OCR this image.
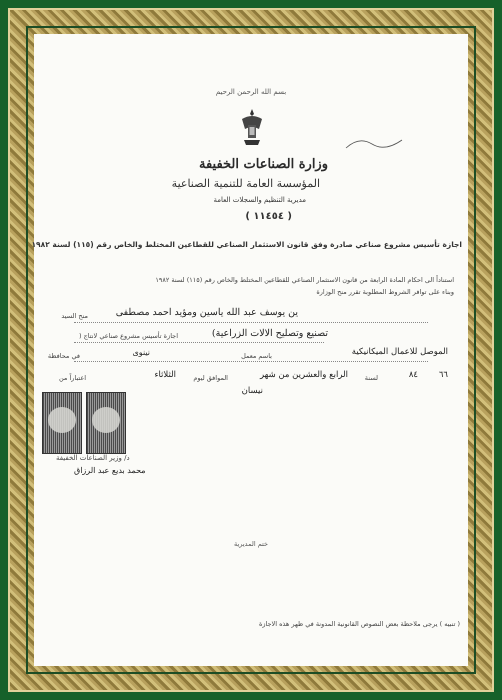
بسم الله الرحمن الرحيم
وزارة الصناعات الخفيفة
المؤسسة العامة للتنمية الصناعية
مديرية التنظيم والسجلات العامة
( ١١٤٥٤ )
اجازة تأسيس مشروع صناعي صادرة وفق قانون الاستثمار الصناعي للقطاعين المختلط والخاص رقم (١١٥) لسنة ١٩٨٢
استناداً الى احكام المادة الرابعة من قانون الاستثمار الصناعي للقطاعين المختلط والخاص رقم (١١٥) لسنة ١٩٨٢
وبناء على توافر الشروط المطلوبة تقرر منح الوزارة
منح السيد	ين يوسف عبد الله ياسين ومؤيد احمد مصطفى
اجازة تأسيس مشروع صناعي لانتاج (	تصنيع وتصليح الالات الزراعية)
في محافظة	نينوى	باسم معمل	الموصل للاعمال الميكانيكية
اعتباراً من	الثلاثاء	الموافق ليوم	الرابع والعشرين من شهر	لسنة	٨٤ ٦٦
نيسان
د/ وزير الصناعات الخفيفة
محمد بديع عبد الرزاق
ختم المديرية
( تنبيه ) يرجى ملاحظة بعض النصوص القانونية المدونة في ظهر هذه الاجازة
